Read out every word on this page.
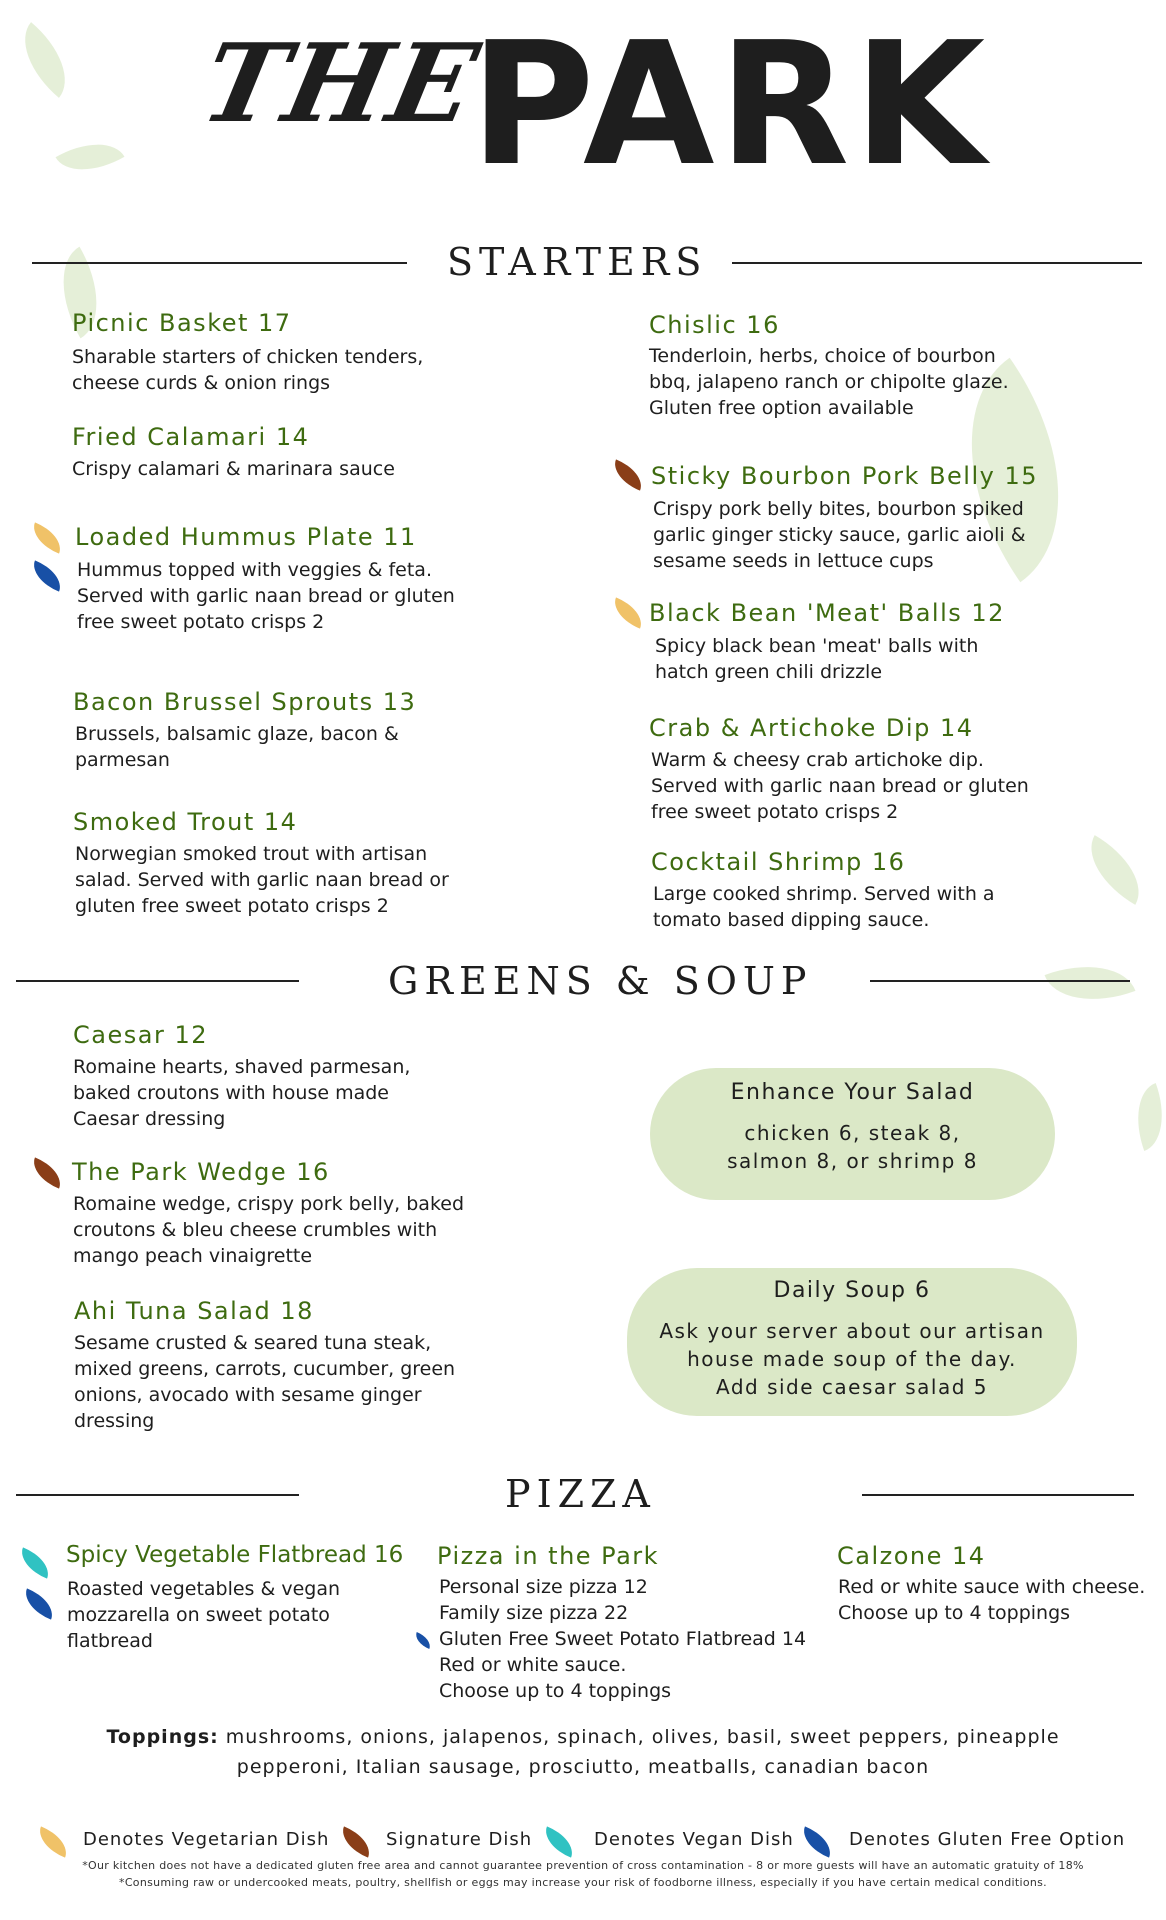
THE
PARK
STARTERS
Picnic Basket 17
Sharable starters of chicken tenders, cheese curds & onion rings
Fried Calamari 14
Crispy calamari & marinara sauce
Loaded Hummus Plate 11
Hummus topped with veggies & feta. Served with garlic naan bread or gluten free sweet potato crisps 2
Bacon Brussel Sprouts 13
Brussels, balsamic glaze, bacon & parmesan
Smoked Trout 14
Norwegian smoked trout with artisan salad. Served with garlic naan bread or gluten free sweet potato crisps 2
Chislic 16
Tenderloin, herbs, choice of bourbon bbq, jalapeno ranch or chipolte glaze. Gluten free option available
Sticky Bourbon Pork Belly 15
Crispy pork belly bites, bourbon spiked garlic ginger sticky sauce, garlic aioli & sesame seeds in lettuce cups
Black Bean 'Meat' Balls 12
Spicy black bean 'meat' balls with hatch green chili drizzle
Crab & Artichoke Dip 14
Warm & cheesy crab artichoke dip. Served with garlic naan bread or gluten free sweet potato crisps 2
Cocktail Shrimp 16
Large cooked shrimp. Served with a tomato based dipping sauce.
GREENS & SOUP
Caesar 12
Romaine hearts, shaved parmesan, baked croutons with house made Caesar dressing
The Park Wedge 16
Romaine wedge, crispy pork belly, baked croutons & bleu cheese crumbles with mango peach vinaigrette
Ahi Tuna Salad 18
Sesame crusted & seared tuna steak, mixed greens, carrots, cucumber, green onions, avocado with sesame ginger dressing
Enhance Your Salad
chicken 6, steak 8,
salmon 8, or shrimp 8
Daily Soup 6
Ask your server about our artisan
house made soup of the day.
Add side caesar salad 5
PIZZA
Spicy Vegetable Flatbread 16
Roasted vegetables & vegan
mozzarella on sweet potato
flatbread
Pizza in the Park
Personal size pizza 12
Family size pizza 22
Gluten Free Sweet Potato Flatbread 14
Red or white sauce.
Choose up to 4 toppings
Calzone 14
Red or white sauce with cheese.
Choose up to 4 toppings
Toppings: mushrooms, onions, jalapenos, spinach, olives, basil, sweet peppers, pineapple
pepperoni, Italian sausage, prosciutto, meatballs, canadian bacon
Denotes Vegetarian Dish	Signature Dish	Denotes Vegan Dish	Denotes Gluten Free Option
*Our kitchen does not have a dedicated gluten free area and cannot guarantee prevention of cross contamination - 8 or more guests will have an automatic gratuity of 18%
*Consuming raw or undercooked meats, poultry, shellfish or eggs may increase your risk of foodborne illness, especially if you have certain medical conditions.
